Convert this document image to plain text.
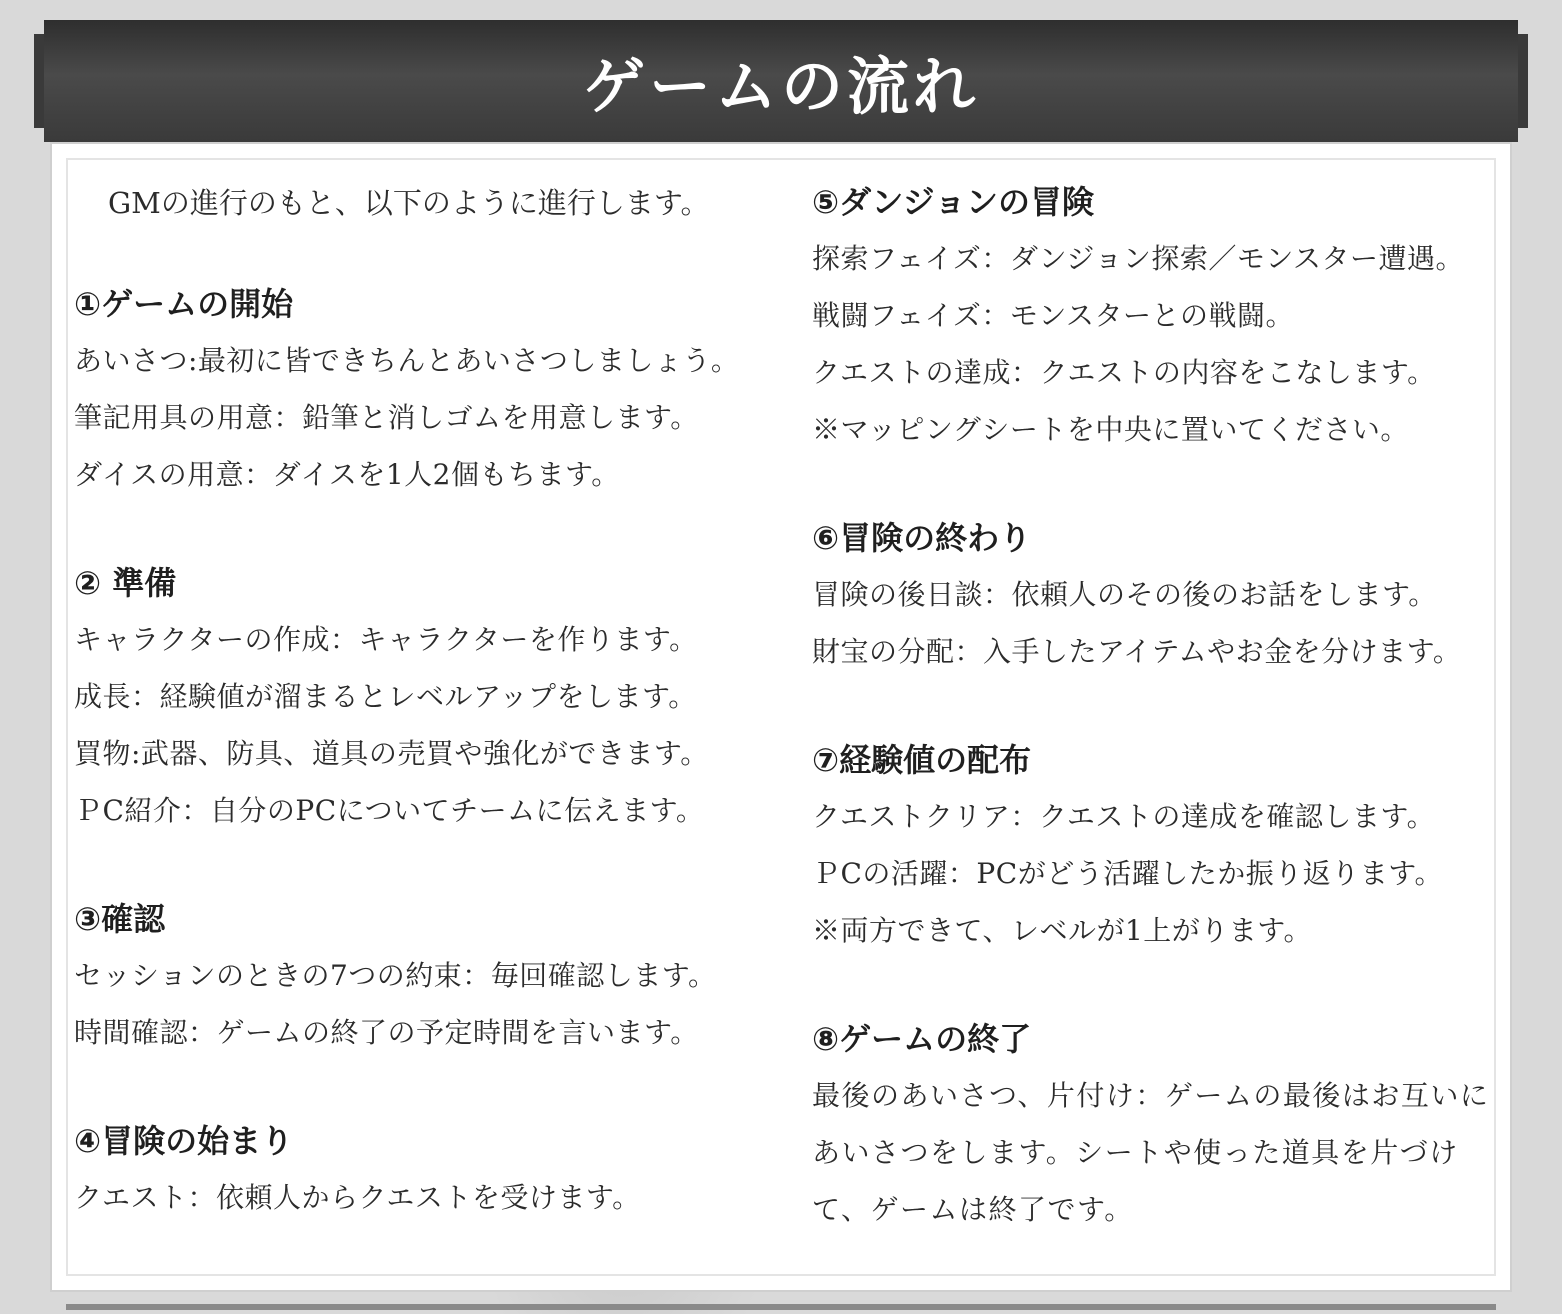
ゲームの流れ
GMの進行のもと、以下のように進行します。
①ゲームの開始
あいさつ:最初に皆できちんとあいさつしましょう。
筆記用具の用意：鉛筆と消しゴムを用意します。
ダイスの用意：ダイスを1人2個もちます。
② 準備
キャラクターの作成：キャラクターを作ります。
成長：経験値が溜まるとレベルアップをします。
買物:武器、防具、道具の売買や強化ができます。
ＰC紹介：自分のPCについてチームに伝えます。
③確認
セッションのときの7つの約束：毎回確認します。
時間確認：ゲームの終了の予定時間を言います。
④冒険の始まり
クエスト：依頼人からクエストを受けます。
⑤ダンジョンの冒険
探索フェイズ：ダンジョン探索／モンスター遭遇。
戦闘フェイズ：モンスターとの戦闘。
クエストの達成：クエストの内容をこなします。
※マッピングシートを中央に置いてください。
⑥冒険の終わり
冒険の後日談：依頼人のその後のお話をします。
財宝の分配：入手したアイテムやお金を分けます。
⑦経験値の配布
クエストクリア：クエストの達成を確認します。
ＰCの活躍：PCがどう活躍したか振り返ります。
※両方できて、レベルが1上がります。
⑧ゲームの終了
最後のあいさつ、片付け：ゲームの最後はお互いにあいさつをします。シートや使った道具を片づけて、ゲームは終了です。
